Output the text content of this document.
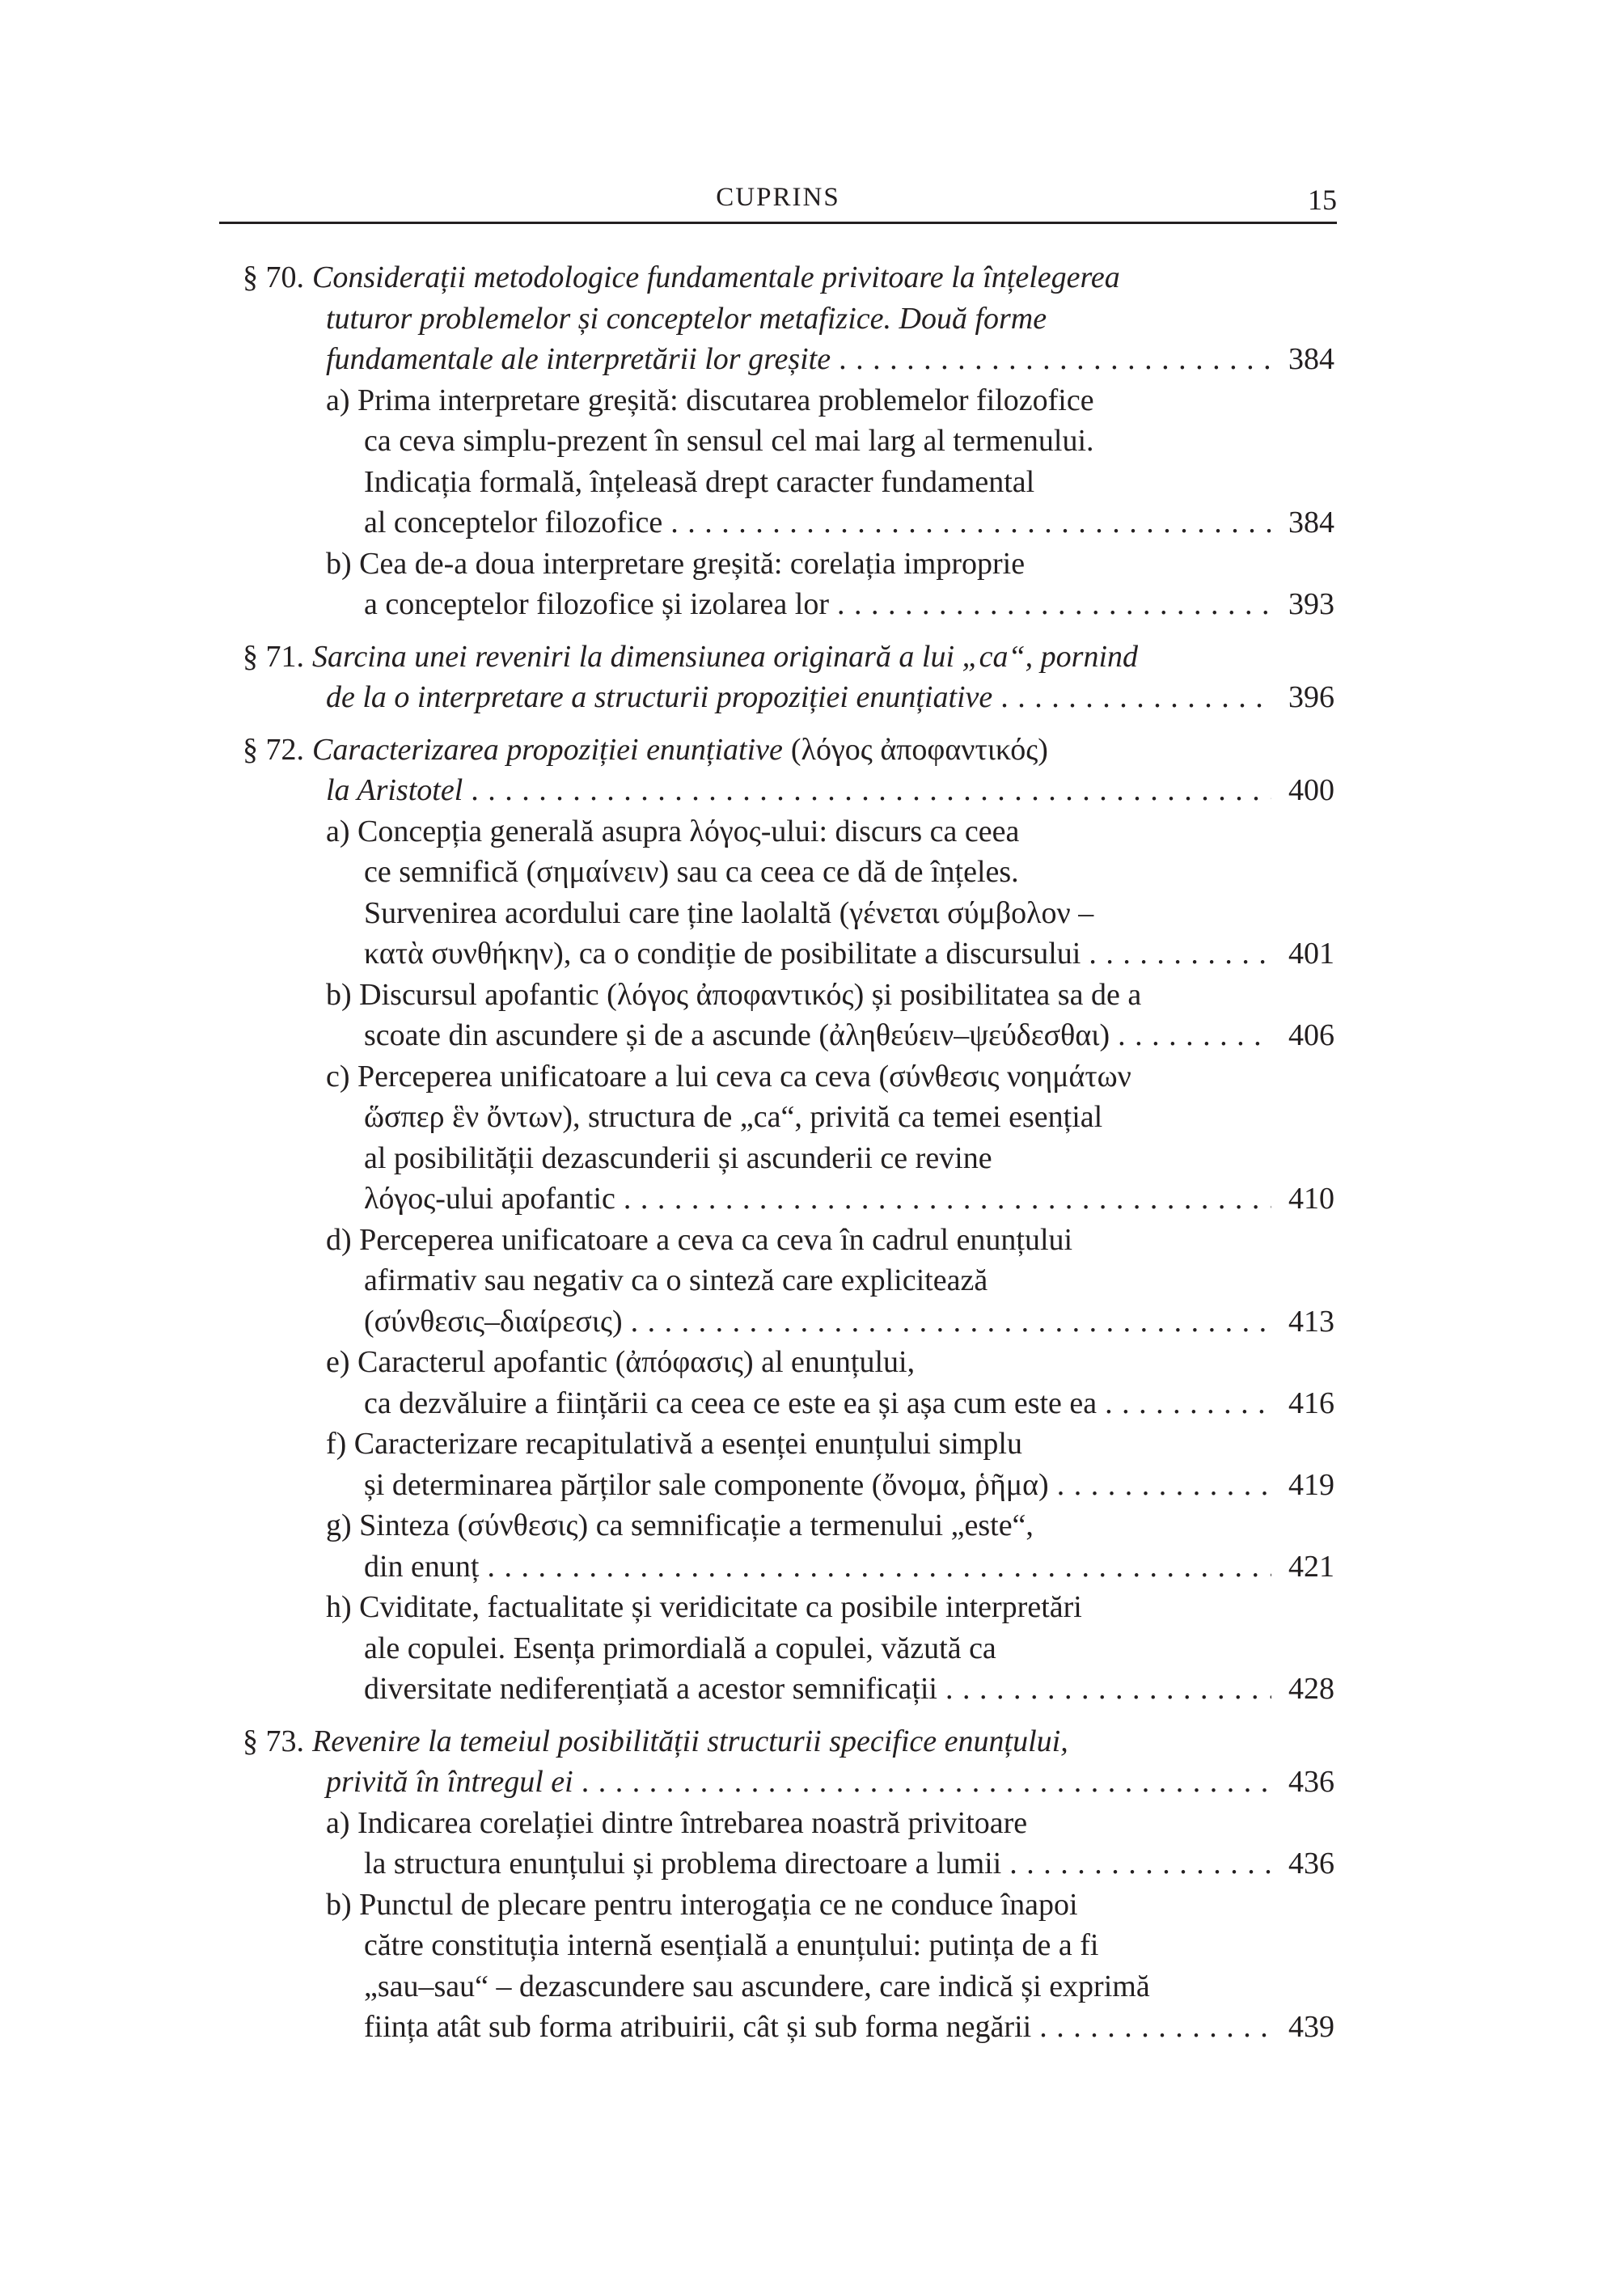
CUPRINS	15
§ 70. Considerații metodologice fundamentale privitoare la înțelegerea
tuturor problemelor și conceptelor metafizice. Două forme
fundamentale ale interpretării lor greșite . . .	384
a) Prima interpretare greșită: discutarea problemelor filozofice
ca ceva simplu-prezent în sensul cel mai larg al termenului.
Indicația formală, înțeleasă drept caracter fundamental
al conceptelor filozofice . . .	384
b) Cea de-a doua interpretare greșită: corelația improprie
a conceptelor filozofice și izolarea lor . . .	393
§ 71. Sarcina unei reveniri la dimensiunea originară a lui „ca“, pornind
de la o interpretare a structurii propoziției enunțiative . . .	396
§ 72. Caracterizarea propoziției enunțiative (λόγος ἀποφαντικός)
la Aristotel . . .	400
a) Concepția generală asupra λόγος-ului: discurs ca ceea
ce semnifică (σημαίνειν) sau ca ceea ce dă de înțeles.
Survenirea acordului care ține laolaltă (γένεται σύμβολον –
κατὰ συνθήκην), ca o condiție de posibilitate a discursului . . .	401
b) Discursul apofantic (λόγος ἀποφαντικός) și posibilitatea sa de a
scoate din ascundere și de a ascunde (ἀληθεύειν–ψεύδεσθαι) . . .	406
c) Perceperea unificatoare a lui ceva ca ceva (σύνθεσις νοημάτων
ὥσπερ ἓν ὄντων), structura de „ca“, privită ca temei esențial
al posibilității dezascunderii și ascunderii ce revine
λόγος-ului apofantic . . .	410
d) Perceperea unificatoare a ceva ca ceva în cadrul enunțului
afirmativ sau negativ ca o sinteză care explicitează
(σύνθεσις–διαίρεσις) . . .	413
e) Caracterul apofantic (ἀπόφασις) al enunțului,
ca dezvăluire a ființării ca ceea ce este ea și așa cum este ea . . .	416
f) Caracterizare recapitulativă a esenței enunțului simplu
și determinarea părților sale componente (ὄνομα, ῥῆμα) . . .	419
g) Sinteza (σύνθεσις) ca semnificație a termenului „este“,
din enunț . . .	421
h) Cviditate, factualitate și veridicitate ca posibile interpretări
ale copulei. Esența primordială a copulei, văzută ca
diversitate nediferențiată a acestor semnificații . . .	428
§ 73. Revenire la temeiul posibilității structurii specifice enunțului,
privită în întregul ei . . .	436
a) Indicarea corelației dintre întrebarea noastră privitoare
la structura enunțului și problema directoare a lumii . . .	436
b) Punctul de plecare pentru interogația ce ne conduce înapoi
către constituția internă esențială a enunțului: putința de a fi
„sau–sau“ – dezascundere sau ascundere, care indică și exprimă
ființa atât sub forma atribuirii, cât și sub forma negării . . .	439
